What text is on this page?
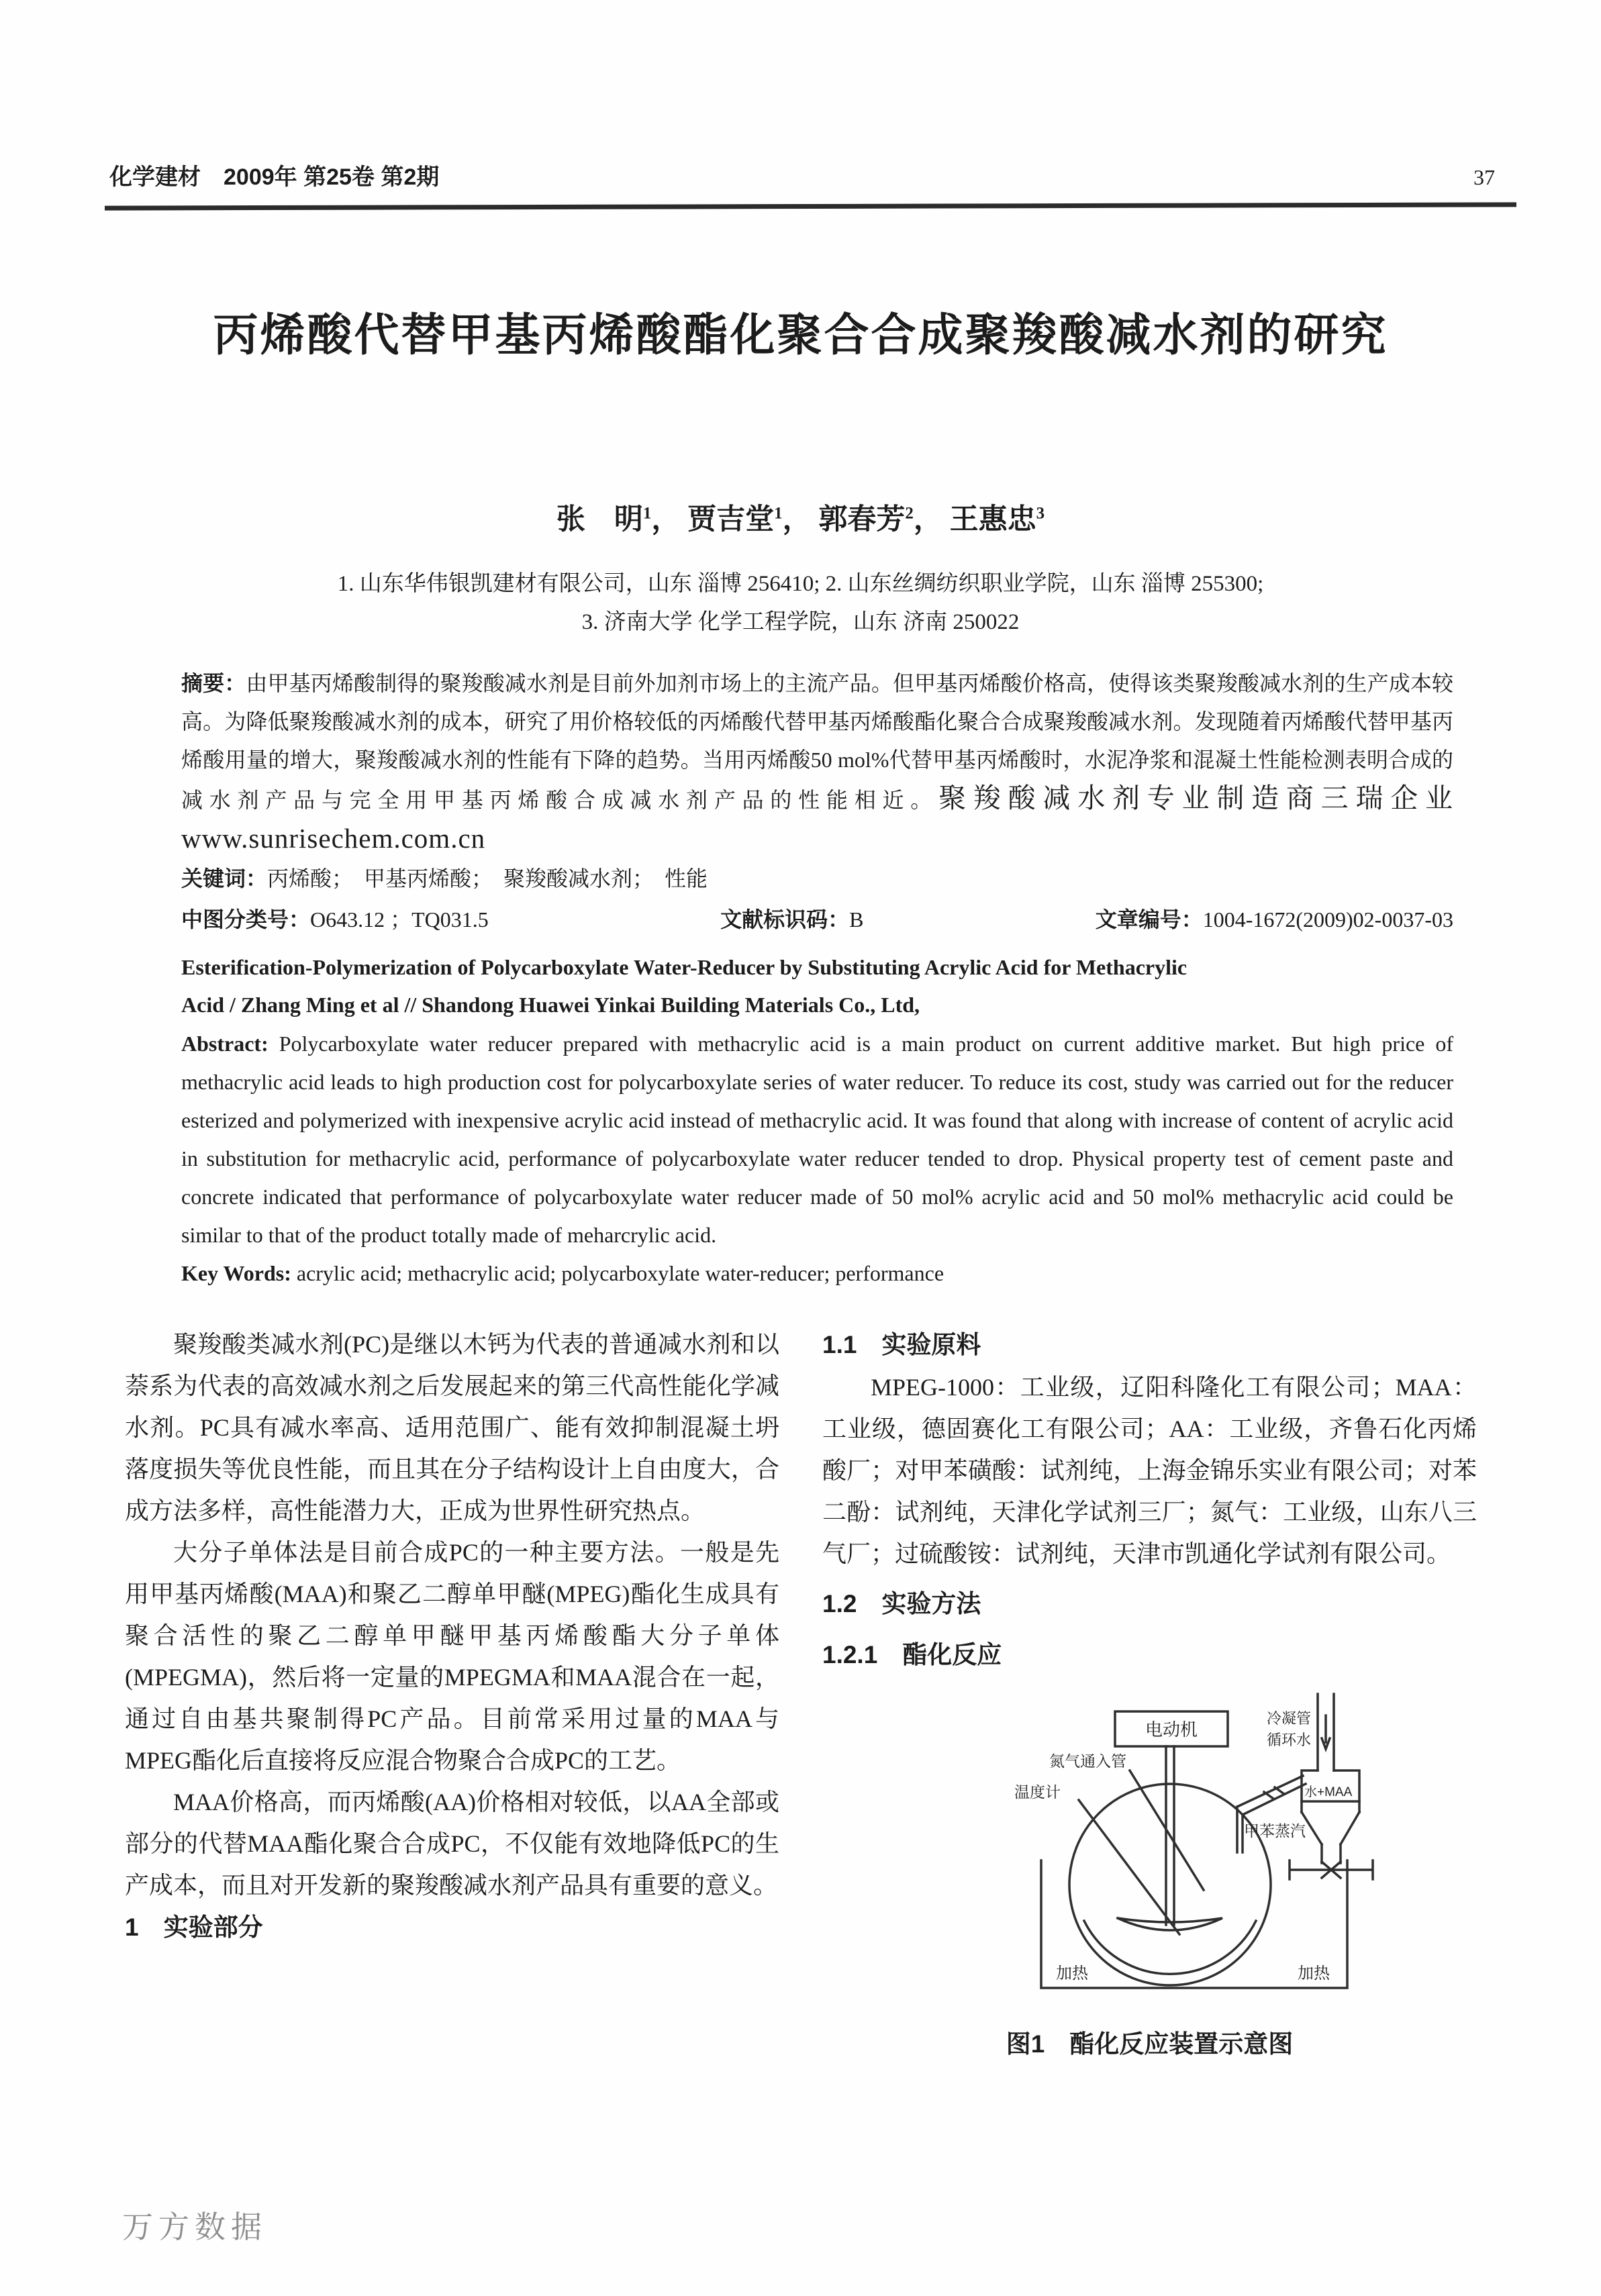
化学建材　2009年 第25卷 第2期	37
丙烯酸代替甲基丙烯酸酯化聚合合成聚羧酸减水剂的研究
张　明$^1$， 贾吉堂$^1$， 郭春芳$^2$， 王惠忠$^3$
1. 山东华伟银凯建材有限公司，山东 淄博 256410; 2. 山东丝绸纺织职业学院，山东 淄博 255300;
3. 济南大学 化学工程学院，山东 济南 250022
摘要：由甲基丙烯酸制得的聚羧酸减水剂是目前外加剂市场上的主流产品。但甲基丙烯酸价格高，使得该类聚羧酸减水剂的生产成本较高。为降低聚羧酸减水剂的成本，研究了用价格较低的丙烯酸代替甲基丙烯酸酯化聚合合成聚羧酸减水剂。发现随着丙烯酸代替甲基丙烯酸用量的增大，聚羧酸减水剂的性能有下降的趋势。当用丙烯酸50 mol%代替甲基丙烯酸时，水泥净浆和混凝土性能检测表明合成的减水剂产品与完全用甲基丙烯酸合成减水剂产品的性能相近。聚羧酸减水剂专业制造商三瑞企业www.sunrisechem.com.cn
关键词：丙烯酸；　甲基丙烯酸；　聚羧酸减水剂；　性能
中图分类号：O643.12 ；TQ031.5	文献标识码：B	文章编号：1004-1672(2009)02-0037-03
Esterification-Polymerization of Polycarboxylate Water-Reducer by Substituting Acrylic Acid for Methacrylic
Acid / Zhang Ming et al // Shandong Huawei Yinkai Building Materials Co., Ltd,
Abstract: Polycarboxylate water reducer prepared with methacrylic acid is a main product on current additive market. But high price of methacrylic acid leads to high production cost for polycarboxylate series of water reducer. To reduce its cost, study was carried out for the reducer esterized and polymerized with inexpensive acrylic acid instead of methacrylic acid. It was found that along with increase of content of acrylic acid in substitution for methacrylic acid, performance of polycarboxylate water reducer tended to drop. Physical property test of cement paste and concrete indicated that performance of polycarboxylate water reducer made of 50 mol% acrylic acid and 50 mol% methacrylic acid could be similar to that of the product totally made of meharcrylic acid.
Key Words: acrylic acid; methacrylic acid; polycarboxylate water-reducer; performance

聚羧酸类减水剂(PC)是继以木钙为代表的普通减水剂和以萘系为代表的高效减水剂之后发展起来的第三代高性能化学减水剂。PC具有减水率高、适用范围广、能有效抑制混凝土坍落度损失等优良性能，而且其在分子结构设计上自由度大，合成方法多样，高性能潜力大，正成为世界性研究热点。

大分子单体法是目前合成PC的一种主要方法。一般是先用甲基丙烯酸(MAA)和聚乙二醇单甲醚(MPEG)酯化生成具有聚合活性的聚乙二醇单甲醚甲基丙烯酸酯大分子单体(MPEGMA)，然后将一定量的MPEGMA和MAA混合在一起，通过自由基共聚制得PC产品。目前常采用过量的MAA与MPEG酯化后直接将反应混合物聚合合成PC的工艺。

MAA价格高，而丙烯酸(AA)价格相对较低，以AA全部或部分的代替MAA酯化聚合合成PC，不仅能有效地降低PC的生产成本，而且对开发新的聚羧酸减水剂产品具有重要的意义。

1　实验部分
1.1　实验原料

MPEG-1000：工业级，辽阳科隆化工有限公司；MAA：工业级，德固赛化工有限公司；AA：工业级，齐鲁石化丙烯酸厂；对甲苯磺酸：试剂纯，上海金锦乐实业有限公司；对苯二酚：试剂纯，天津化学试剂三厂；氮气：工业级，山东八三气厂；过硫酸铵：试剂纯，天津市凯通化学试剂有限公司。

1.2　实验方法
1.2.1　酯化反应
电动机
氮气通入管
温度计
冷凝管
循环水
甲苯蒸汽
水+MAA
加热	加热
图1　酯化反应装置示意图
万方数据
